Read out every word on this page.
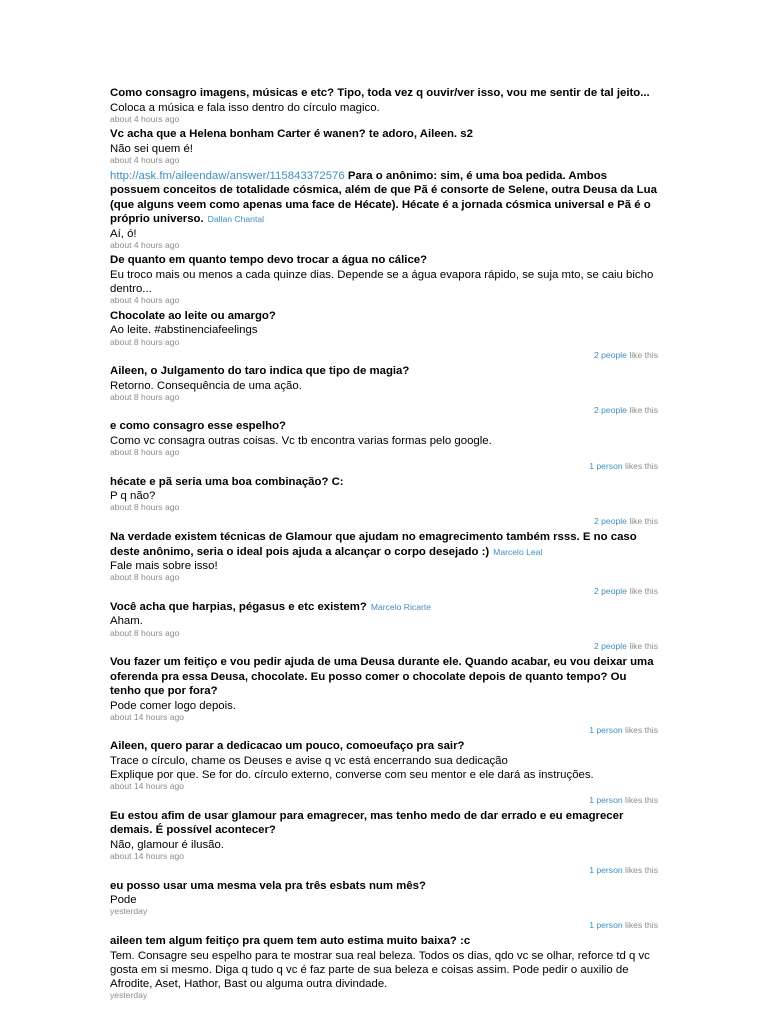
Como consagro imagens, músicas e etc? Tipo, toda vez q ouvir/ver isso, vou me sentir de tal jeito...

Coloca a música e fala isso dentro do círculo magico.

about 4 hours ago

Vc acha que a Helena bonham Carter é wanen? te adoro, Aileen. s2

Não sei quem é!

about 4 hours ago

http://ask.fm/aileendaw/answer/115843372576 Para o anônimo: sim, é uma boa pedida. Ambos possuem conceitos de totalidade cósmica, além de que Pã é consorte de Selene, outra Deusa da Lua (que alguns veem como apenas uma face de Hécate). Hécate é a jornada cósmica universal e Pã é o próprio universo. Dallan Chantal

Aí, ó!

about 4 hours ago

De quanto em quanto tempo devo trocar a água no cálice?

Eu troco mais ou menos a cada quinze dias. Depende se a água evapora rápido, se suja mto, se caiu bicho dentro...

about 4 hours ago

Chocolate ao leite ou amargo?

Ao leite. #abstinenciafeelings

about 8 hours ago

2 people like this

Aileen, o Julgamento do taro indica que tipo de magia?

Retorno. Consequência de uma ação.

about 8 hours ago

2 people like this

e como consagro esse espelho?

Como vc consagra outras coisas. Vc tb encontra varias formas pelo google.

about 8 hours ago

1 person likes this

hécate e pã seria uma boa combinação? C:

P q não?

about 8 hours ago

2 people like this

Na verdade existem técnicas de Glamour que ajudam no emagrecimento também rsss. E no caso deste anônimo, seria o ideal pois ajuda a alcançar o corpo desejado :) Marcelo Leal

Fale mais sobre isso!

about 8 hours ago

2 people like this

Você acha que harpias, pégasus e etc existem? Marcelo Ricarte

Aham.

about 8 hours ago

2 people like this

Vou fazer um feitiço e vou pedir ajuda de uma Deusa durante ele. Quando acabar, eu vou deixar uma oferenda pra essa Deusa, chocolate. Eu posso comer o chocolate depois de quanto tempo? Ou tenho que por fora?

Pode comer logo depois.

about 14 hours ago

1 person likes this

Aileen, quero parar a dedicacao um pouco, comoeufaço pra sair?

Trace o círculo, chame os Deuses e avise q vc está encerrando sua dedicação

Explique por que. Se for do. círculo externo, converse com seu mentor e ele dará as instruções.

about 14 hours ago

1 person likes this

Eu estou afim de usar glamour para emagrecer, mas tenho medo de dar errado e eu emagrecer demais. É possível acontecer?

Não, glamour é ilusão.

about 14 hours ago

1 person likes this

eu posso usar uma mesma vela pra três esbats num mês?

Pode

yesterday

1 person likes this

aileen tem algum feitiço pra quem tem auto estima muito baixa? :c

Tem. Consagre seu espelho para te mostrar sua real beleza. Todos os dias, qdo vc se olhar, reforce td q vc gosta em si mesmo. Diga q tudo q vc é faz parte de sua beleza e coisas assim. Pode pedir o auxilio de Afrodite, Aset, Hathor, Bast ou alguma outra divindade.

yesterday
